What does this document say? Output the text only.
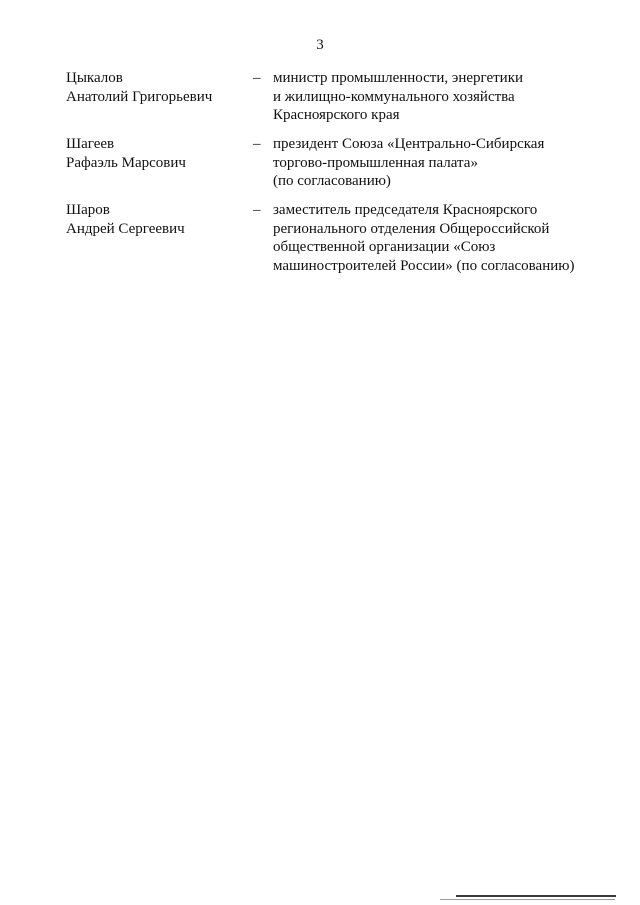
3
Цыкалов
Анатолий Григорьевич
– министр промышленности, энергетики
и жилищно-коммунального хозяйства
Красноярского края
Шагеев
Рафаэль Марсович
– президент Союза «Центрально-Сибирская
торгово-промышленная палата»
(по согласованию)
Шаров
Андрей Сергеевич
– заместитель председателя Красноярского
регионального отделения Общероссийской
общественной организации «Союз
машиностроителей России» (по согласованию)
